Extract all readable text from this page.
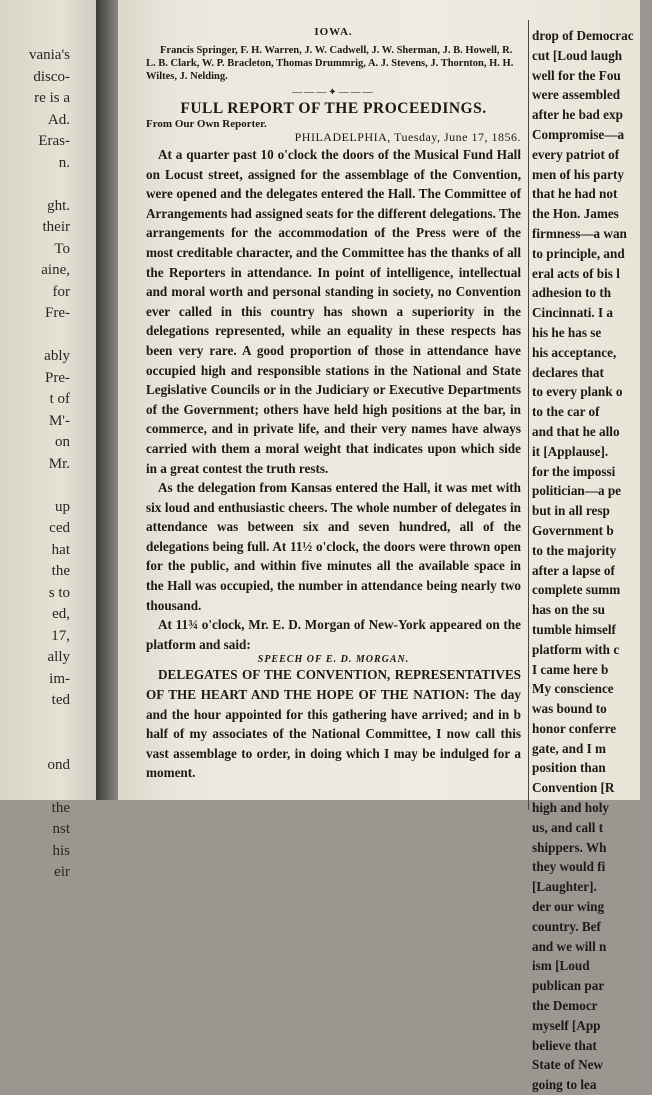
vania's
disco-
re is a
Ad.
Eras-
n.
ght.
their
To
aine,
for
Fre-
ably
Pre-
t of
M'-
on
Mr.
up
ced
hat
the
s to
ed,
17,
ally
im-
ted
ond
the
nst
his
eir
IOWA.
Francis Springer, F. H. Warren, J. W. Cadwell, J. W. Sherman, J. B. Howell, R. L. B. Clark, W. P. Bracleton, Thomas Drummrig, A. J. Stevens, J. Thornton, H. H. Wiltes, J. Nelding.
———✦———
FULL REPORT OF THE PROCEEDINGS.
From Our Own Reporter.
PHILADELPHIA, Tuesday, June 17, 1856.

At a quarter past 10 o'clock the doors of the Musical Fund Hall on Locust street, assigned for the assemblage of the Convention, were opened and the delegates entered the Hall. The Committee of Arrangements had assigned seats for the different delegations. The arrangements for the accommodation of the Press were of the most creditable character, and the Committee has the thanks of all the Reporters in attendance. In point of intelligence, intellectual and moral worth and personal standing in society, no Convention ever called in this country has shown a superiority in the delegations represented, while an equality in these respects has been very rare. A good proportion of those in attendance have occupied high and responsible stations in the National and State Legislative Councils or in the Judiciary or Executive Departments of the Government; others have held high positions at the bar, in commerce, and in private life, and their very names have always carried with them a moral weight that indicates upon which side in a great contest the truth rests.

As the delegation from Kansas entered the Hall, it was met with six loud and enthusiastic cheers. The whole number of delegates in attendance was between six and seven hundred, all of the delegations being full. At 11½ o'clock, the doors were thrown open for the public, and within five minutes all the available space in the Hall was occupied, the number in attendance being nearly two thousand.

At 11¾ o'clock, Mr. E. D. Morgan of New-York appeared on the platform and said:

SPEECH OF E. D. MORGAN.

DELEGATES OF THE CONVENTION, REPRESENTATIVES OF THE HEART AND THE HOPE OF THE NATION: The day and the hour appointed for this gathering have arrived; and in b half of my associates of the National Committee, I now call this vast assemblage to order, in doing which I may be indulged for a moment.

drop of Democrac
cut [Loud laugh
well for the Fou
were assembled
after he bad exp
Compromise—a
every patriot of
men of his party
that he had not
the Hon. James
firmness—a wan
to principle, and
eral acts of bis l
adhesion to th
Cincinnati. I a
his he has se
his acceptance,
declares that
to every plank o
to the car of
and that he allo
it [Applause].
for the impossi
politician—a pe
but in all resp
Government b
to the majority
after a lapse of
complete summ
has on the su
tumble himself
platform with c
I came here b
My conscience
was bound to
honor conferre
gate, and I m
position than
Convention [R
high and holy
us, and call t
shippers. Wh
they would fi
[Laughter].
der our wing
country. Bef
and we will n
ism [Loud
publican par
the Democr
myself [App
believe that
State of New
going to lea
